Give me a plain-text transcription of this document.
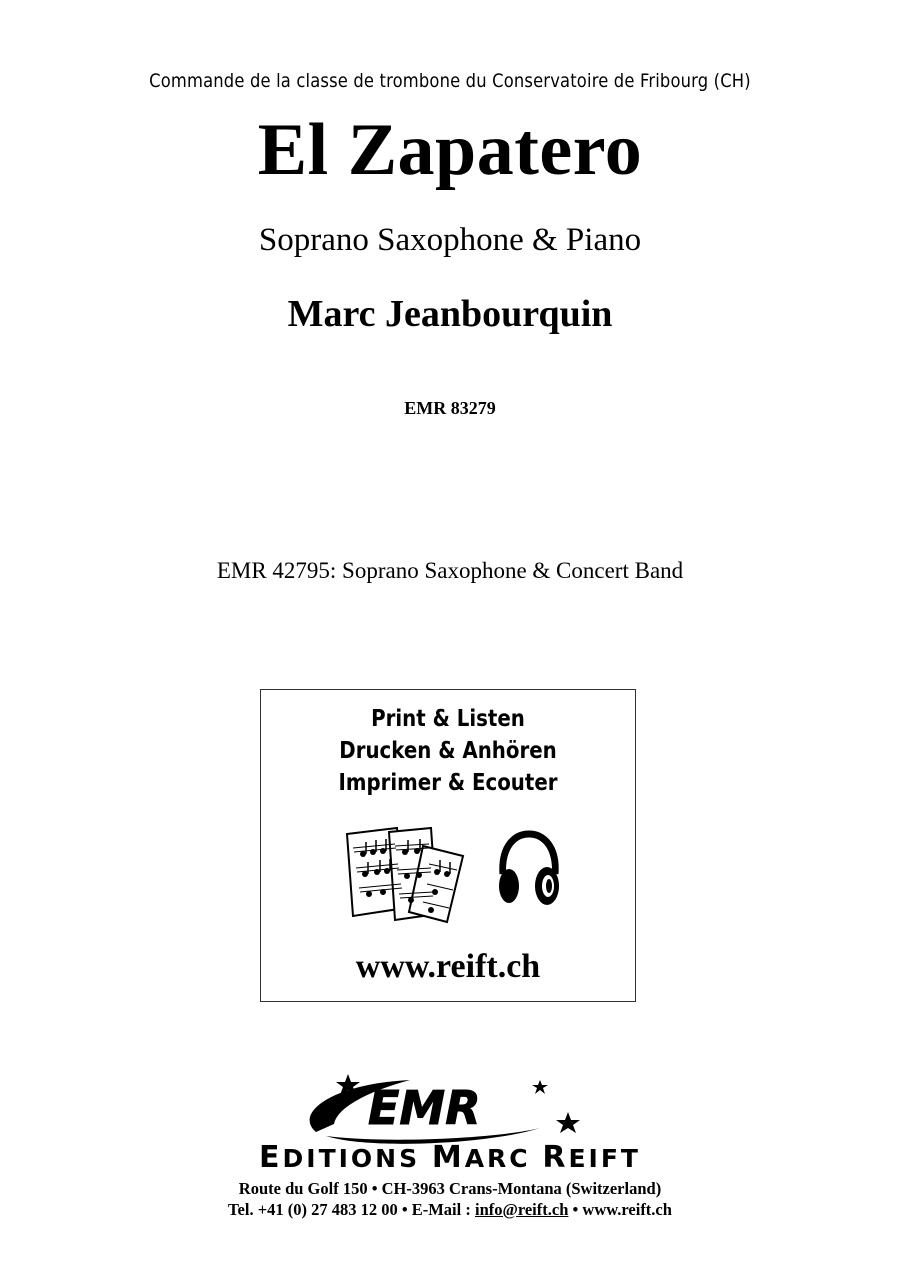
Commande de la classe de trombone du Conservatoire de Fribourg (CH)
El Zapatero
Soprano Saxophone & Piano
Marc Jeanbourquin
EMR 83279
EMR 42795: Soprano Saxophone & Concert Band
Print & Listen
Drucken & Anhören
Imprimer & Ecouter
www.reift.ch
EMR
EDITIONS MARC REIFT
Route du Golf 150 • CH-3963 Crans-Montana (Switzerland)
Tel. +41 (0) 27 483 12 00 • E-Mail : info@reift.ch • www.reift.ch
